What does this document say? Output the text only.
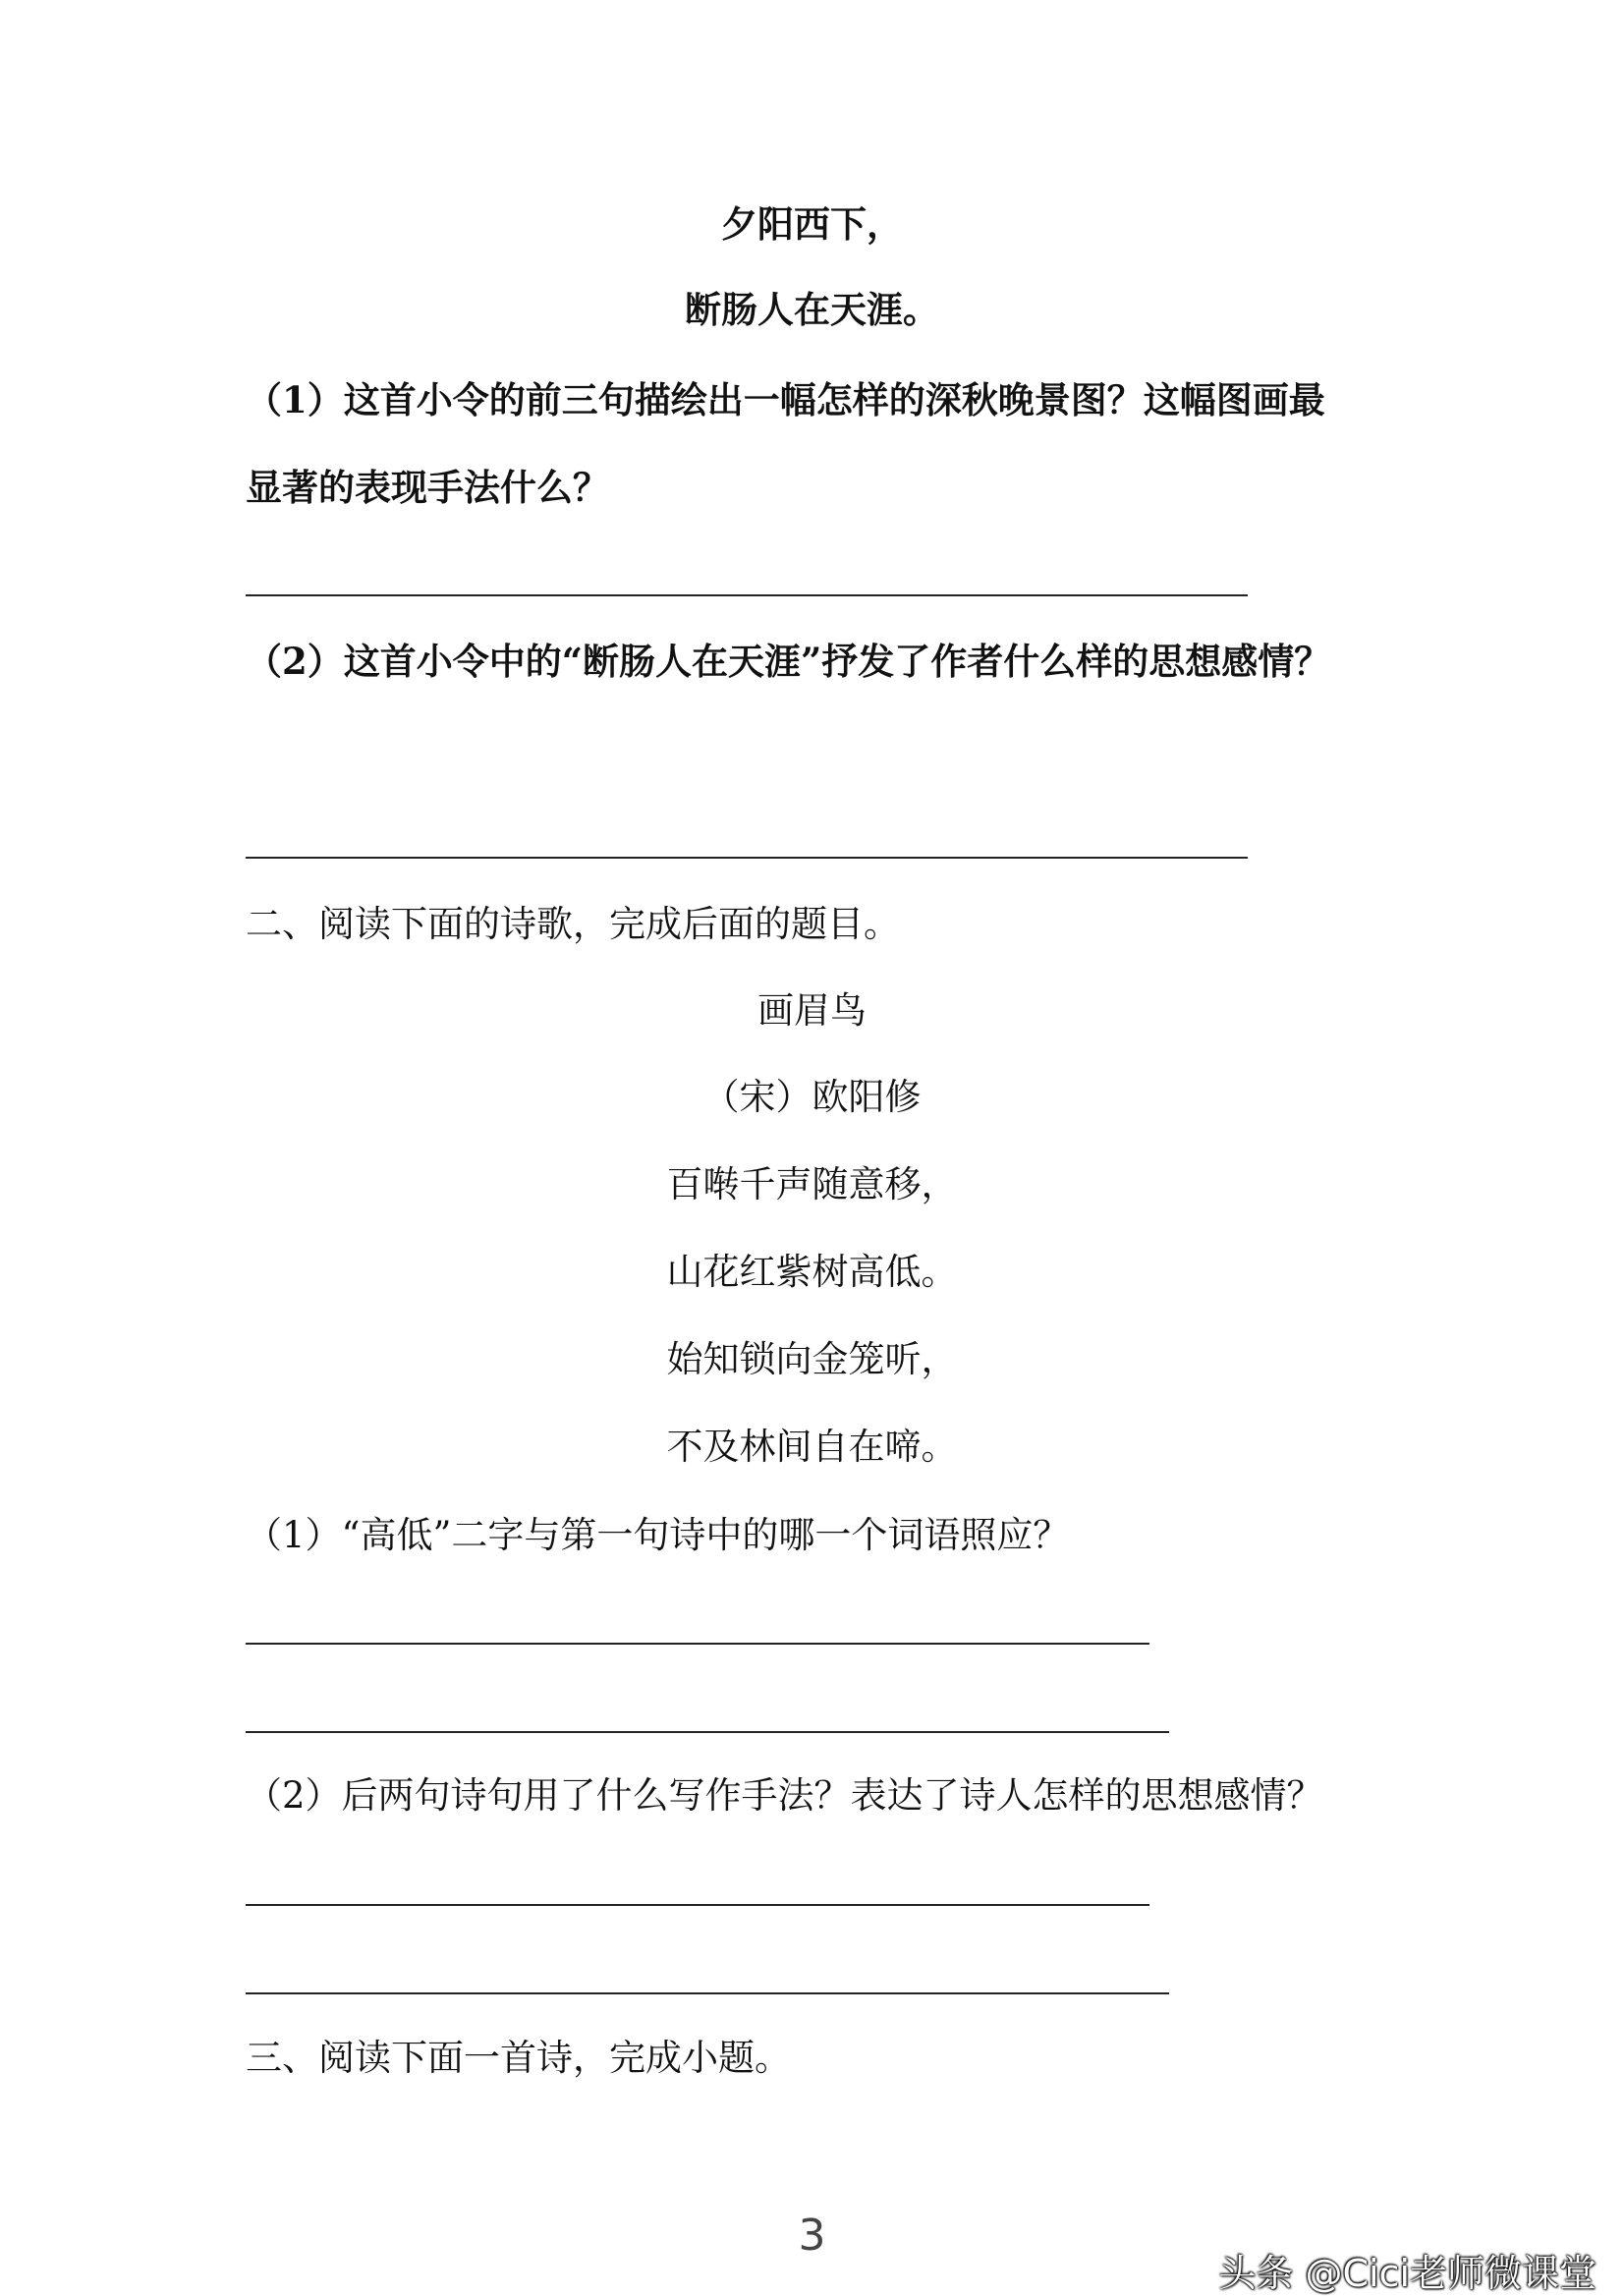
夕阳西下，
断肠人在天涯。
（1）这首小令的前三句描绘出一幅怎样的深秋晚景图？这幅图画最
显著的表现手法什么？
（2）这首小令中的“断肠人在天涯”抒发了作者什么样的思想感情？
二、阅读下面的诗歌，完成后面的题目。
画眉鸟
（宋）欧阳修
百啭千声随意移，
山花红紫树高低。
始知锁向金笼听，
不及林间自在啼。
（1）“高低”二字与第一句诗中的哪一个词语照应？
（2）后两句诗句用了什么写作手法？表达了诗人怎样的思想感情？
三、阅读下面一首诗，完成小题。
3
头条 @Cici老师微课堂
